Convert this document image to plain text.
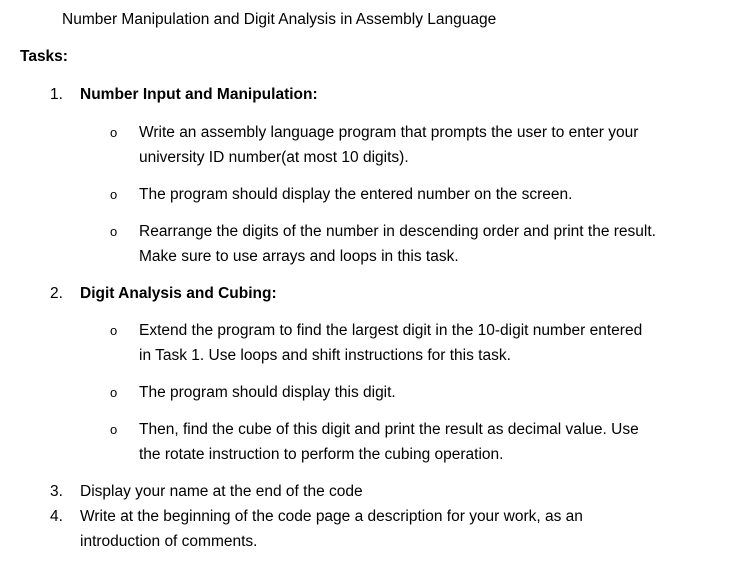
Number Manipulation and Digit Analysis in Assembly Language
Tasks:
1. Number Input and Manipulation:
o Write an assembly language program that prompts the user to enter your
university ID number(at most 10 digits).
o The program should display the entered number on the screen.
o Rearrange the digits of the number in descending order and print the result.
Make sure to use arrays and loops in this task.
2. Digit Analysis and Cubing:
o Extend the program to find the largest digit in the 10-digit number entered
in Task 1. Use loops and shift instructions for this task.
o The program should display this digit.
o Then, find the cube of this digit and print the result as decimal value. Use
the rotate instruction to perform the cubing operation.
3. Display your name at the end of the code
4. Write at the beginning of the code page a description for your work, as an
introduction of comments.
